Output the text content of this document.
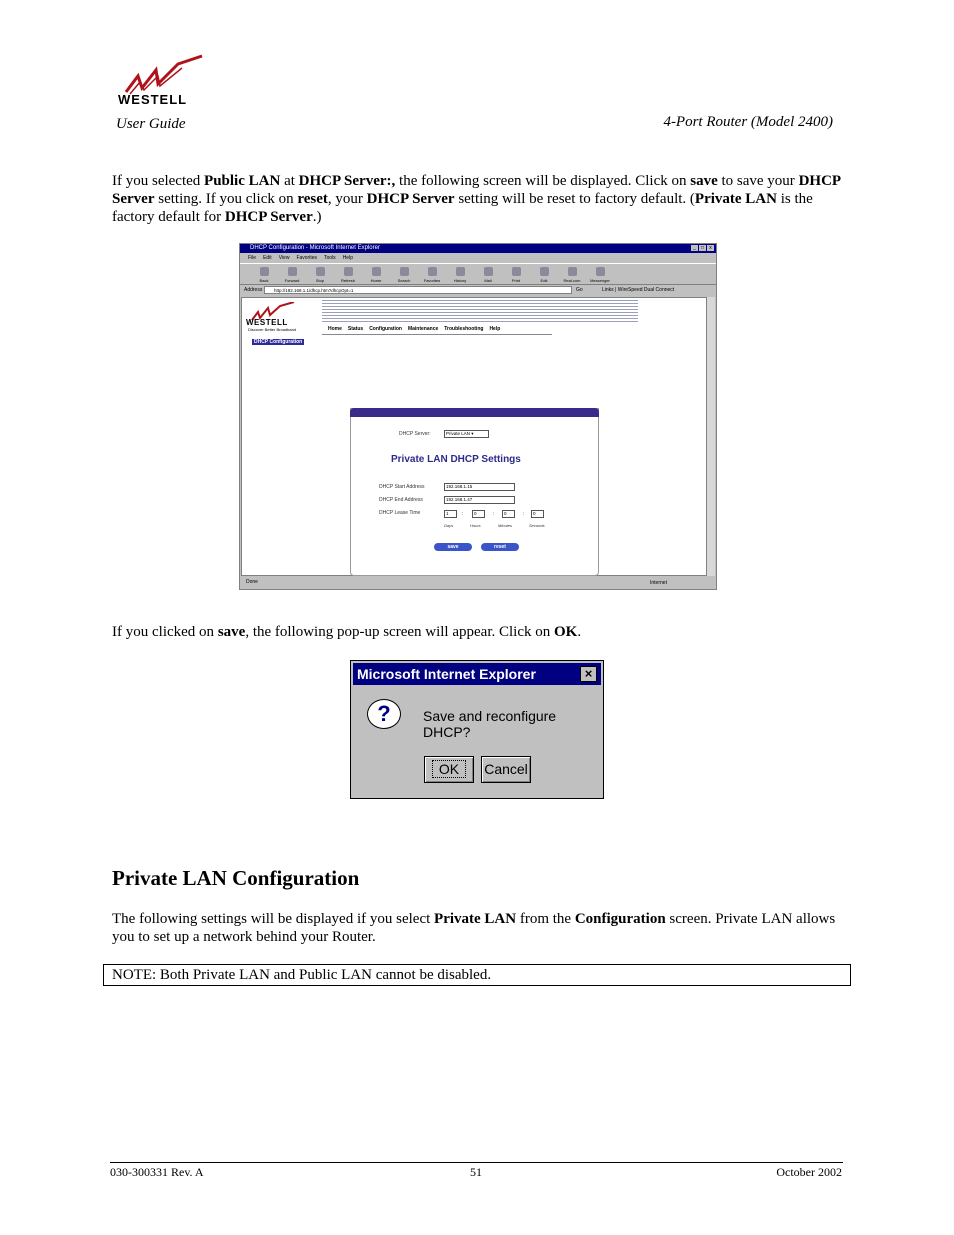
WESTELL
User Guide	4-Port Router (Model 2400)
If you selected Public LAN at DHCP Server:, the following screen will be displayed. Click on save to save your DHCP Server setting. If you click on reset, your DHCP Server setting will be reset to factory default. (Private LAN is the factory default for DHCP Server.)
DHCP Configuration - Microsoft Internet Explorer	_	□	x
File Edit View Favorites Tools Help
Back	Forward	Stop	Refresh	Home	Search	Favorites	History	Mail	Print	Edit	Real.com Messenger
Address	http://192.168.1.1/dhcp.htm?dhcpOpt=1	Go	Links | WireSpeed Dual Connect
WESTELL
Discover Better Broadband	Home Status Configuration Maintenance Troubleshooting Help
DHCP Configuration
DHCP Server:	Private LAN ▾
Private LAN DHCP Settings
DHCP Start Address	192.168.1.15
DHCP End Address	192.168.1.47
DHCP Lease Time	1	:	0	:	0	:	0
Days	Hours	Minutes	Seconds
save	reset
Done	Internet
If you clicked on save, the following pop-up screen will appear. Click on OK.
Microsoft Internet Explorer	×
?	Save and reconfigure DHCP?
OK	Cancel
Private LAN Configuration
The following settings will be displayed if you select Private LAN from the Configuration screen. Private LAN allows you to set up a network behind your Router.
NOTE: Both Private LAN and Public LAN cannot be disabled.
030-300331 Rev. A	51	October 2002
